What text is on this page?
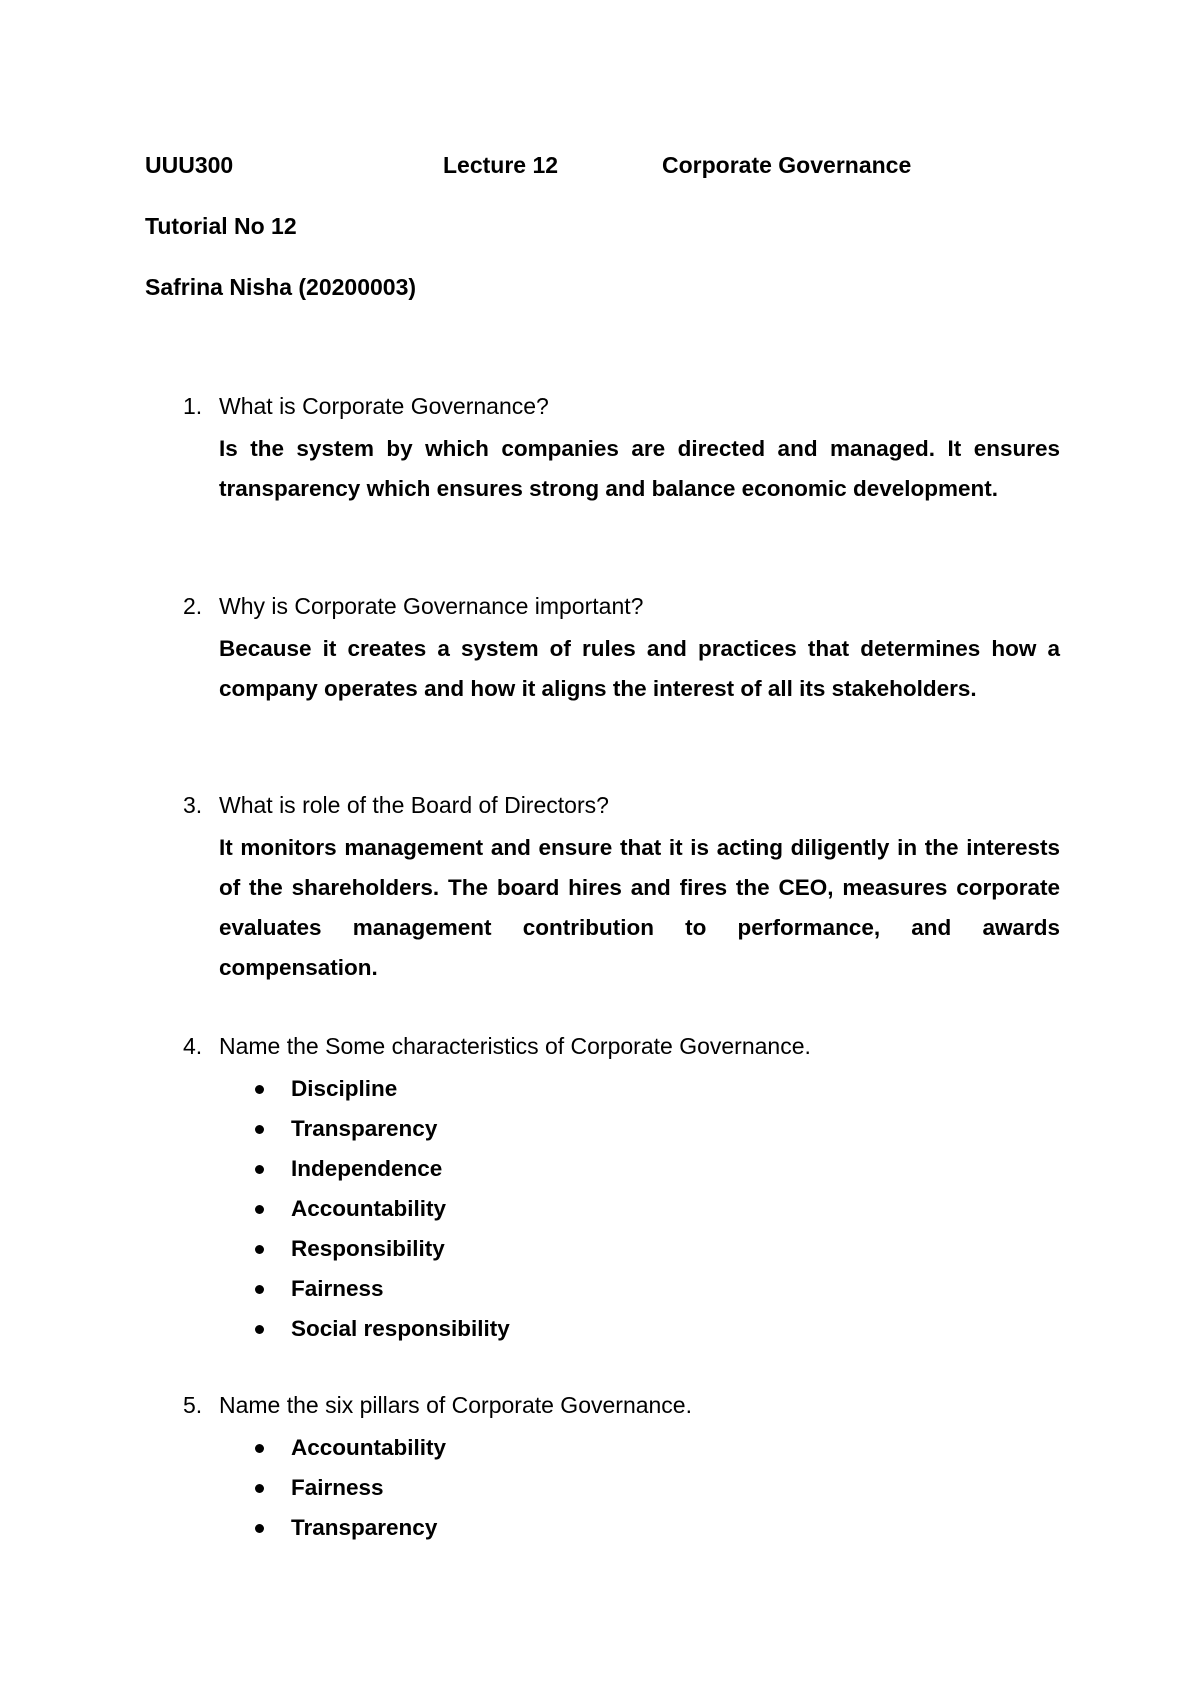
UUU300	Lecture 12	Corporate Governance
Tutorial No 12
Safrina Nisha (20200003)
1. What is Corporate Governance?

Is the system by which companies are directed and managed. It ensures transparency which ensures strong and balance economic development.

2. Why is Corporate Governance important?

Because it creates a system of rules and practices that determines how a company operates and how it aligns the interest of all its stakeholders.

3. What is role of the Board of Directors?

It monitors management and ensure that it is acting diligently in the interests of the shareholders. The board hires and fires the CEO, measures corporate evaluates management contribution to performance, and awards compensation.

4. Name the Some characteristics of Corporate Governance.
Discipline
Transparency
Independence
Accountability
Responsibility
Fairness
Social responsibility
5. Name the six pillars of Corporate Governance.
Accountability
Fairness
Transparency
